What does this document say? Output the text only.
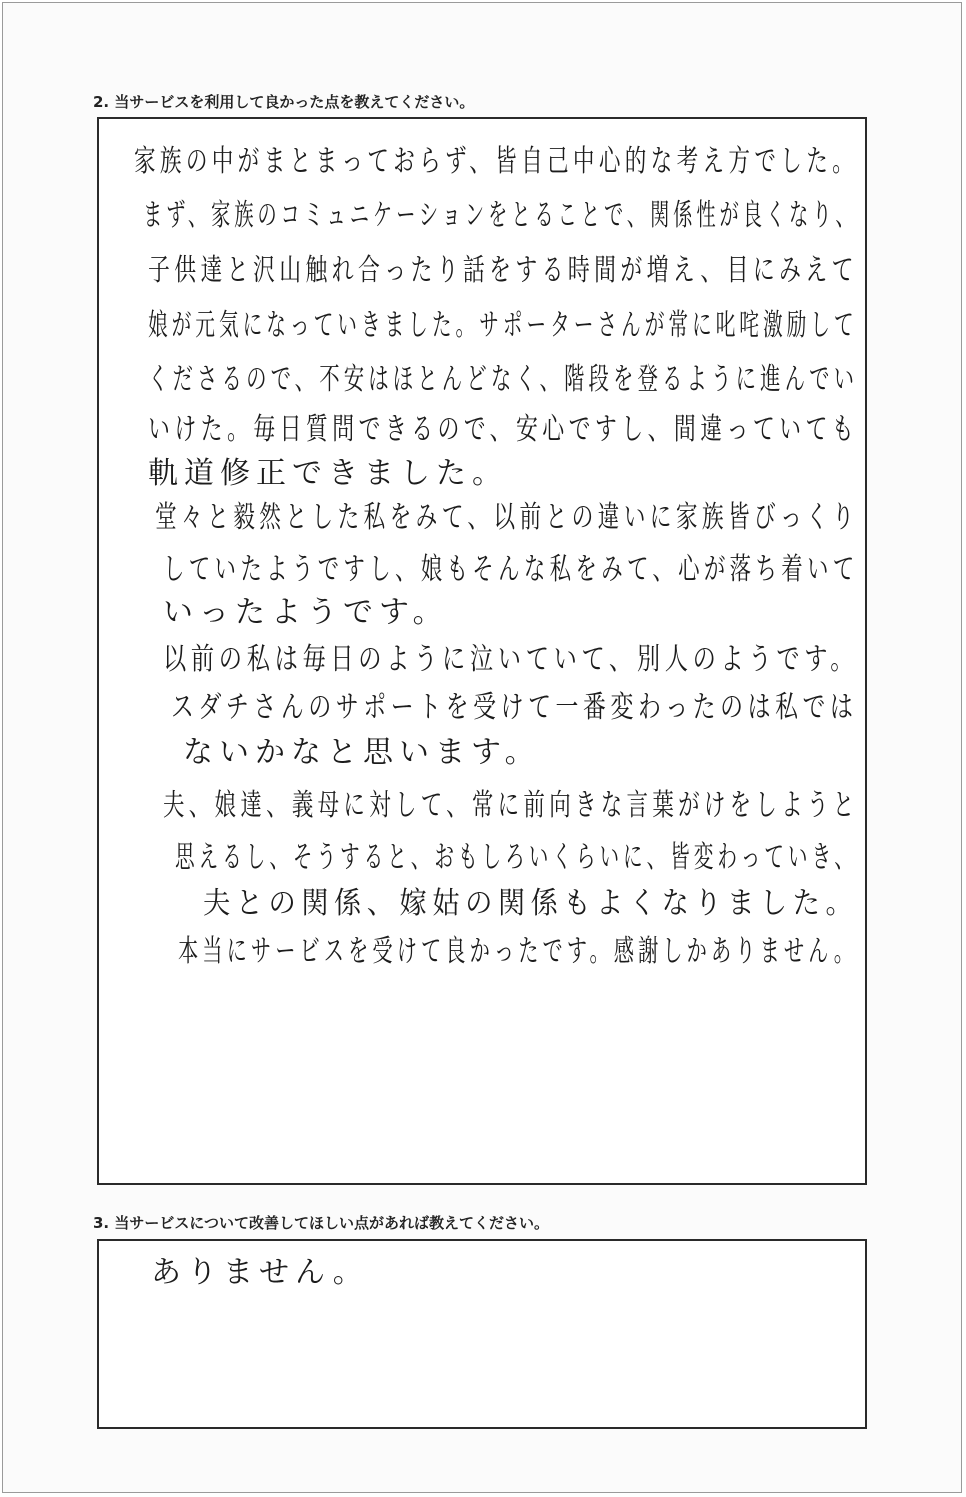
2. 当サービスを利用して良かった点を教えてください。
家族の中がまとまっておらず、皆自己中心的な考え方でした。
まず、家族のコミュニケーションをとることで、関係性が良くなり、
子供達と沢山触れ合ったり話をする時間が増え、目にみえて
娘が元気になっていきました。サポーターさんが常に叱咤激励して
くださるので、不安はほとんどなく、階段を登るように進んでい
いけた。毎日質問できるので、安心ですし、間違っていても
軌道修正できました。
堂々と毅然とした私をみて、以前との違いに家族皆びっくり
していたようですし、娘もそんな私をみて、心が落ち着いて
いったようです。
以前の私は毎日のように泣いていて、別人のようです。
スダチさんのサポートを受けて一番変わったのは私では
ないかなと思います。
夫、娘達、義母に対して、常に前向きな言葉がけをしようと
思えるし、そうすると、おもしろいくらいに、皆変わっていき、
夫との関係、嫁姑の関係もよくなりました。
本当にサービスを受けて良かったです。感謝しかありません。
3. 当サービスについて改善してほしい点があれば教えてください。
ありません。
